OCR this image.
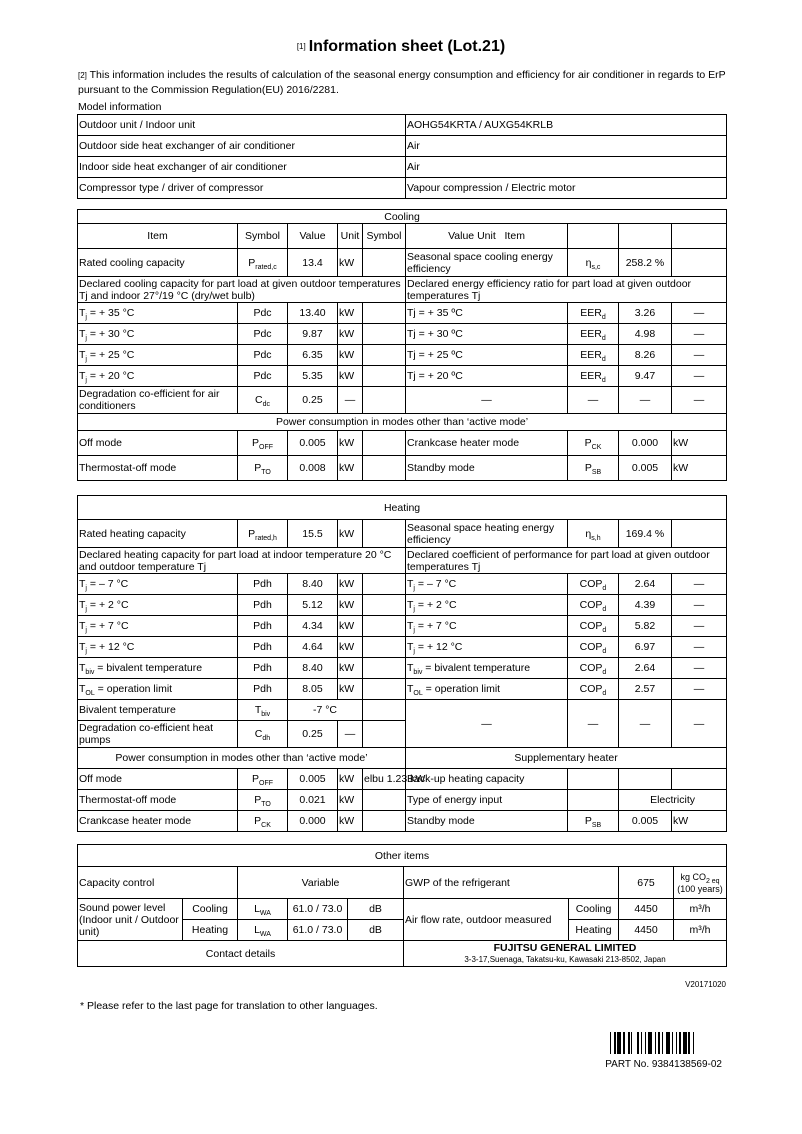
[1] Information sheet (Lot.21)
[2] This information includes the results of calculation of the seasonal energy consumption and efficiency for air conditioner in regards to ErP pursuant to the Commission Regulation(EU) 2016/2281.
Model information
Outdoor unit / Indoor unit	AOHG54KRTA / AUXG54KRLB
Outdoor side heat exchanger of air conditioner	Air
Indoor side heat exchanger of air conditioner	Air
Compressor type / driver of compressor	Vapour compression / Electric motor
Cooling								
Item	Symbol	Value	Unit	Symbol	Value Unit Item			
Rated cooling capacity	$P_{rated,c}$	13.4	kW		Seasonal space cooling energy efficiency	$\eta_{s,c}$	258.2 %	
Declared cooling capacity for part load at given outdoor temperatures Tj and indoor 27°/19 °C (dry/wet bulb)					Declared energy efficiency ratio for part load at given outdoor temperatures Tj			
$T_j$ = + 35 °C	Pdc	13.40	kW		Tj = + 35 ºC	$EER_d$	3.26	—
$T_j$ = + 30 °C	Pdc	9.87	kW		Tj = + 30 ºC	$EER_d$	4.98	—
$T_j$ = + 25 °C	Pdc	6.35	kW		Tj = + 25 ºC	$EER_d$	8.26	—
$T_j$ = + 20 °C	Pdc	5.35	kW		Tj = + 20 ºC	$EER_d$	9.47	—
Degradation co-efficient for air conditioners	$C_{dc}$	0.25	—		—	—	—	—
Power consumption in modes other than ‘active mode’								
Off mode	$P_{OFF}$	0.005	kW		Crankcase heater mode	$P_{CK}$	0.000	kW
Thermostat-off mode	$P_{TO}$	0.008	kW		Standby mode	$P_{SB}$	0.005	kW
Heating								
Rated heating capacity	$P_{rated,h}$	15.5	kW		Seasonal space heating energy efficiency	$\eta_{s,h}$	169.4 %	
Declared heating capacity for part load at indoor temperature 20 °C and outdoor temperature Tj					Declared coefficient of performance for part load at given outdoor temperatures Tj			
$T_j$ = – 7 °C	Pdh	8.40	kW		$T_j$ = – 7 °C	$COP_d$	2.64	—
$T_j$ = + 2 °C	Pdh	5.12	kW		$T_j$ = + 2 °C	$COP_d$	4.39	—
$T_j$ = + 7 °C	Pdh	4.34	kW		$T_j$ = + 7 °C	$COP_d$	5.82	—
$T_j$ = + 12 °C	Pdh	4.64	kW		$T_j$ = + 12 °C	$COP_d$	6.97	—
$T_{biv}$ = bivalent temperature	Pdh	8.40	kW		$T_{biv}$ = bivalent temperature	$COP_d$	2.64	—
$T_{OL}$ = operation limit	Pdh	8.05	kW		$T_{OL}$ = operation limit	$COP_d$	2.57	—
Bivalent temperature	$T_{biv}$	-7 °C			—	—	—	—
Degradation co-efficient heat pumps	$C_{dh}$	0.25	—					
Power consumption in modes other than ‘active mode’					Supplementary heater			
Off mode	$P_{OFF}$	0.005	kW	elbu 1.23 kW	Back-up heating capacity			
Thermostat-off mode	$P_{TO}$	0.021	kW		Type of energy input		Electricity	
Crankcase heater mode	$P_{CK}$	0.000	kW		Standby mode	$P_{SB}$	0.005	kW
Other items								
Capacity control		Variable			GWP of the refrigerant		675	kg $CO_{2 eq}$
(100 years)
Sound power level (Indoor unit / Outdoor unit)	Cooling	$L_{WA}$	61.0 / 73.0	dB	Air flow rate, outdoor measured	Cooling	4450	m³/h
	Heating	$L_{WA}$	61.0 / 73.0	dB		Heating	4450	m³/h
Contact details					FUJITSU GENERAL LIMITED
3-3-17,Suenaga, Takatsu-ku, Kawasaki 213-8502, Japan			
V20171020
* Please refer to the last page for translation to other languages.
PART No. 9384138569-02
